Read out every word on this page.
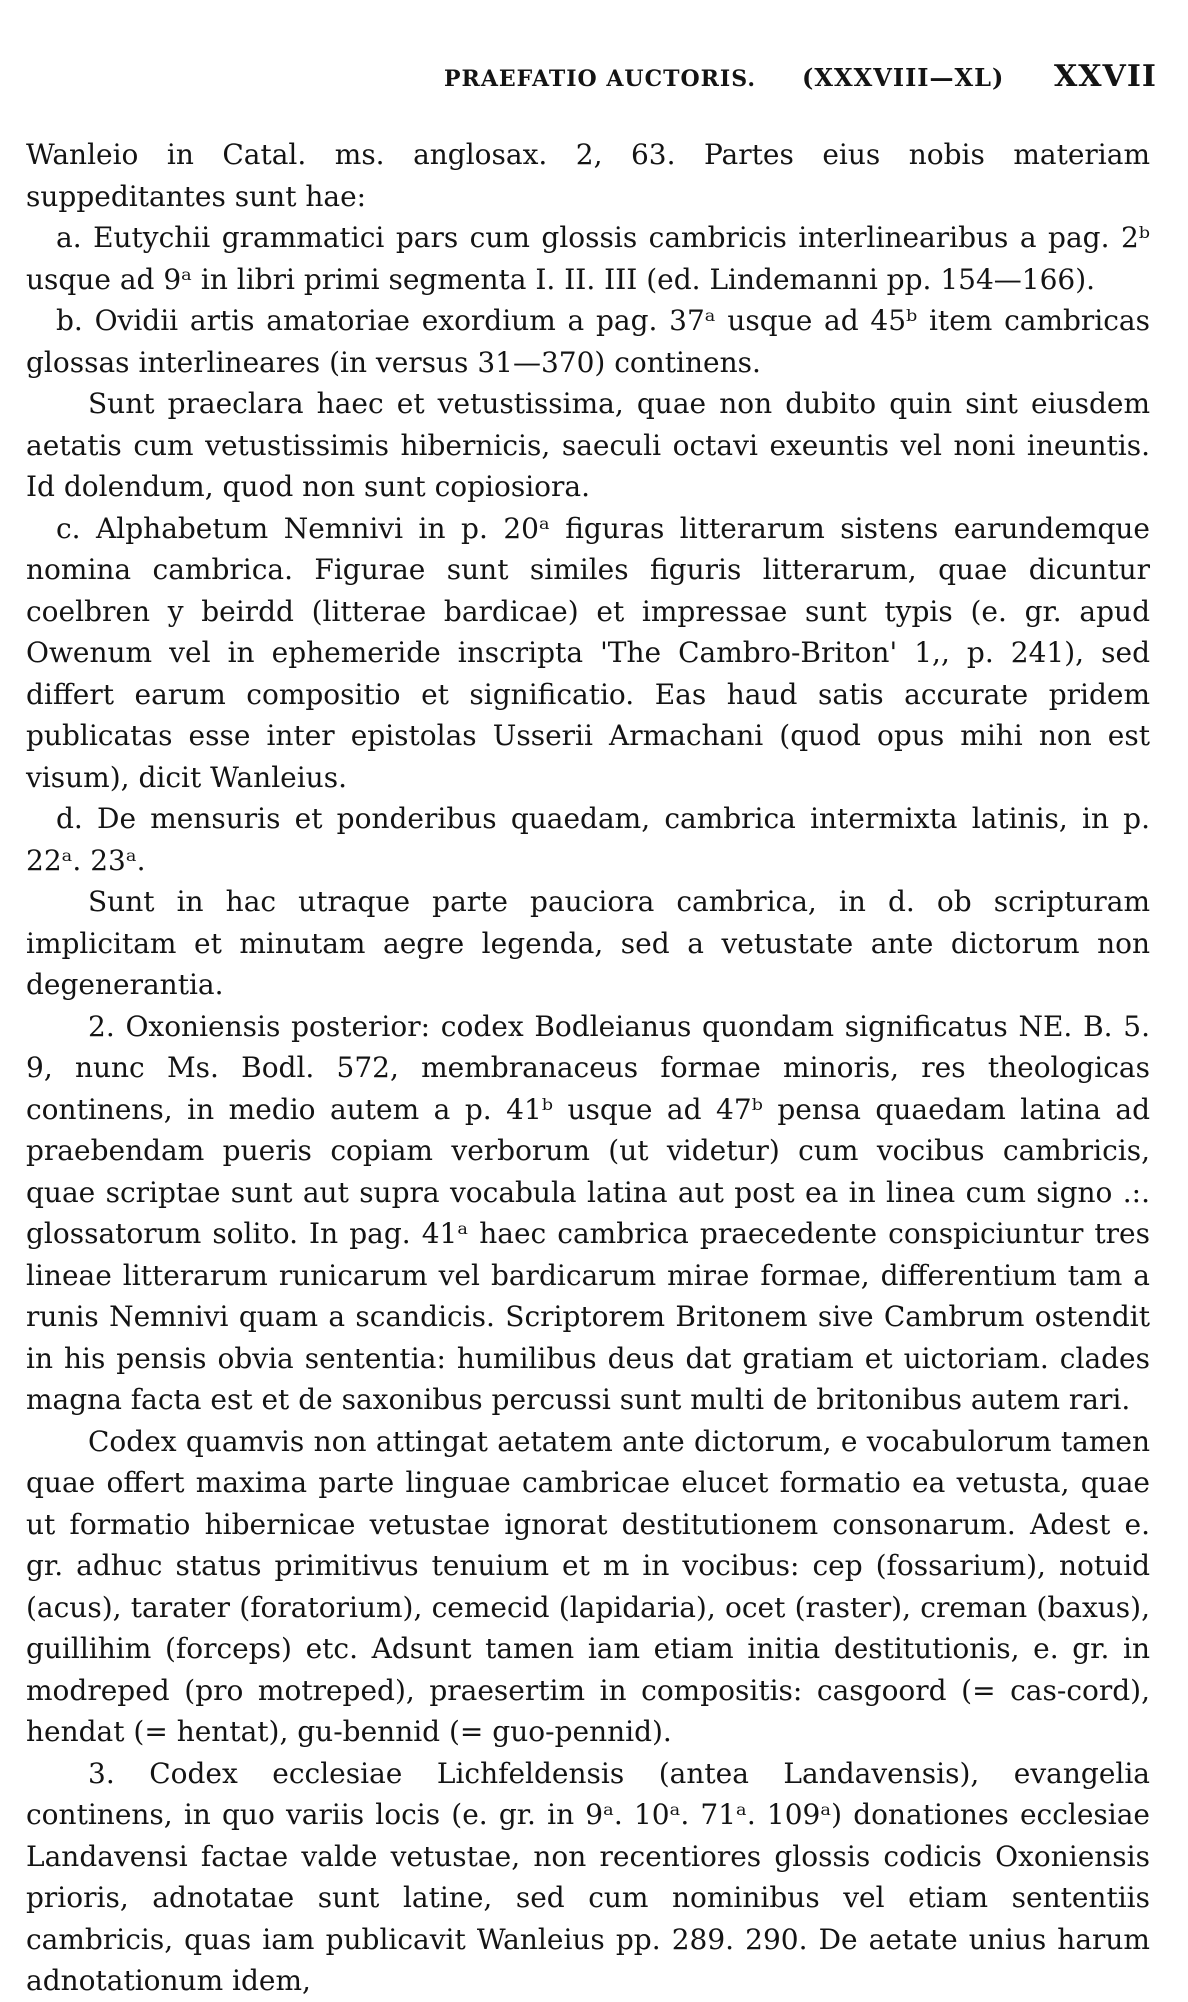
PRAEFATIO AUCTORIS. (XXXVIII—XL) XXVII

Wanleio in Catal. ms. anglosax. 2, 63. Partes eius nobis materiam suppeditantes sunt hae:

a. Eutychii grammatici pars cum glossis cambricis interlinearibus a pag. 2ᵇ usque ad 9ᵃ in libri primi segmenta I. II. III (ed. Lindemanni pp. 154—166).

b. Ovidii artis amatoriae exordium a pag. 37ᵃ usque ad 45ᵇ item cambricas glossas interlineares (in versus 31—370) continens.

Sunt praeclara haec et vetustissima, quae non dubito quin sint eiusdem aetatis cum vetustissimis hibernicis, saeculi octavi exeuntis vel noni ineuntis. Id dolendum, quod non sunt copiosiora.

c. Alphabetum Nemnivi in p. 20ᵃ figuras litterarum sistens earundemque nomina cambrica. Figurae sunt similes figuris litterarum, quae dicuntur coelbren y beirdd (litterae bardicae) et impressae sunt typis (e. gr. apud Owenum vel in ephemeride inscripta 'The Cambro-Briton' 1,, p. 241), sed differt earum compositio et significatio. Eas haud satis accurate pridem publicatas esse inter epistolas Usserii Armachani (quod opus mihi non est visum), dicit Wanleius.

d. De mensuris et ponderibus quaedam, cambrica intermixta latinis, in p. 22ᵃ. 23ᵃ.

Sunt in hac utraque parte pauciora cambrica, in d. ob scripturam implicitam et minutam aegre legenda, sed a vetustate ante dictorum non degenerantia.

2. Oxoniensis posterior: codex Bodleianus quondam significatus NE. B. 5. 9, nunc Ms. Bodl. 572, membranaceus formae minoris, res theologicas continens, in medio autem a p. 41ᵇ usque ad 47ᵇ pensa quaedam latina ad praebendam pueris copiam verborum (ut videtur) cum vocibus cambricis, quae scriptae sunt aut supra vocabula latina aut post ea in linea cum signo .:. glossatorum solito. In pag. 41ᵃ haec cambrica praecedente conspiciuntur tres lineae litterarum runicarum vel bardicarum mirae formae, differentium tam a runis Nemnivi quam a scandicis. Scriptorem Britonem sive Cambrum ostendit in his pensis obvia sententia: humilibus deus dat gratiam et uictoriam. clades magna facta est et de saxonibus percussi sunt multi de britonibus autem rari.

Codex quamvis non attingat aetatem ante dictorum, e vocabulorum tamen quae offert maxima parte linguae cambricae elucet formatio ea vetusta, quae ut formatio hibernicae vetustae ignorat destitutionem consonarum. Adest e. gr. adhuc status primitivus tenuium et m in vocibus: cep (fossarium), notuid (acus), tarater (foratorium), cemecid (lapidaria), ocet (raster), creman (baxus), guillihim (forceps) etc. Adsunt tamen iam etiam initia destitutionis, e. gr. in modreped (pro motreped), praesertim in compositis: casgoord (= cas-cord), hendat (= hentat), gu-bennid (= guo-pennid).

3. Codex ecclesiae Lichfeldensis (antea Landavensis), evangelia continens, in quo variis locis (e. gr. in 9ᵃ. 10ᵃ. 71ᵃ. 109ᵃ) donationes ecclesiae Landavensi factae valde vetustae, non recentiores glossis codicis Oxoniensis prioris, adnotatae sunt latine, sed cum nominibus vel etiam sententiis cambricis, quas iam publicavit Wanleius pp. 289. 290. De aetate unius harum adnotationum idem,
